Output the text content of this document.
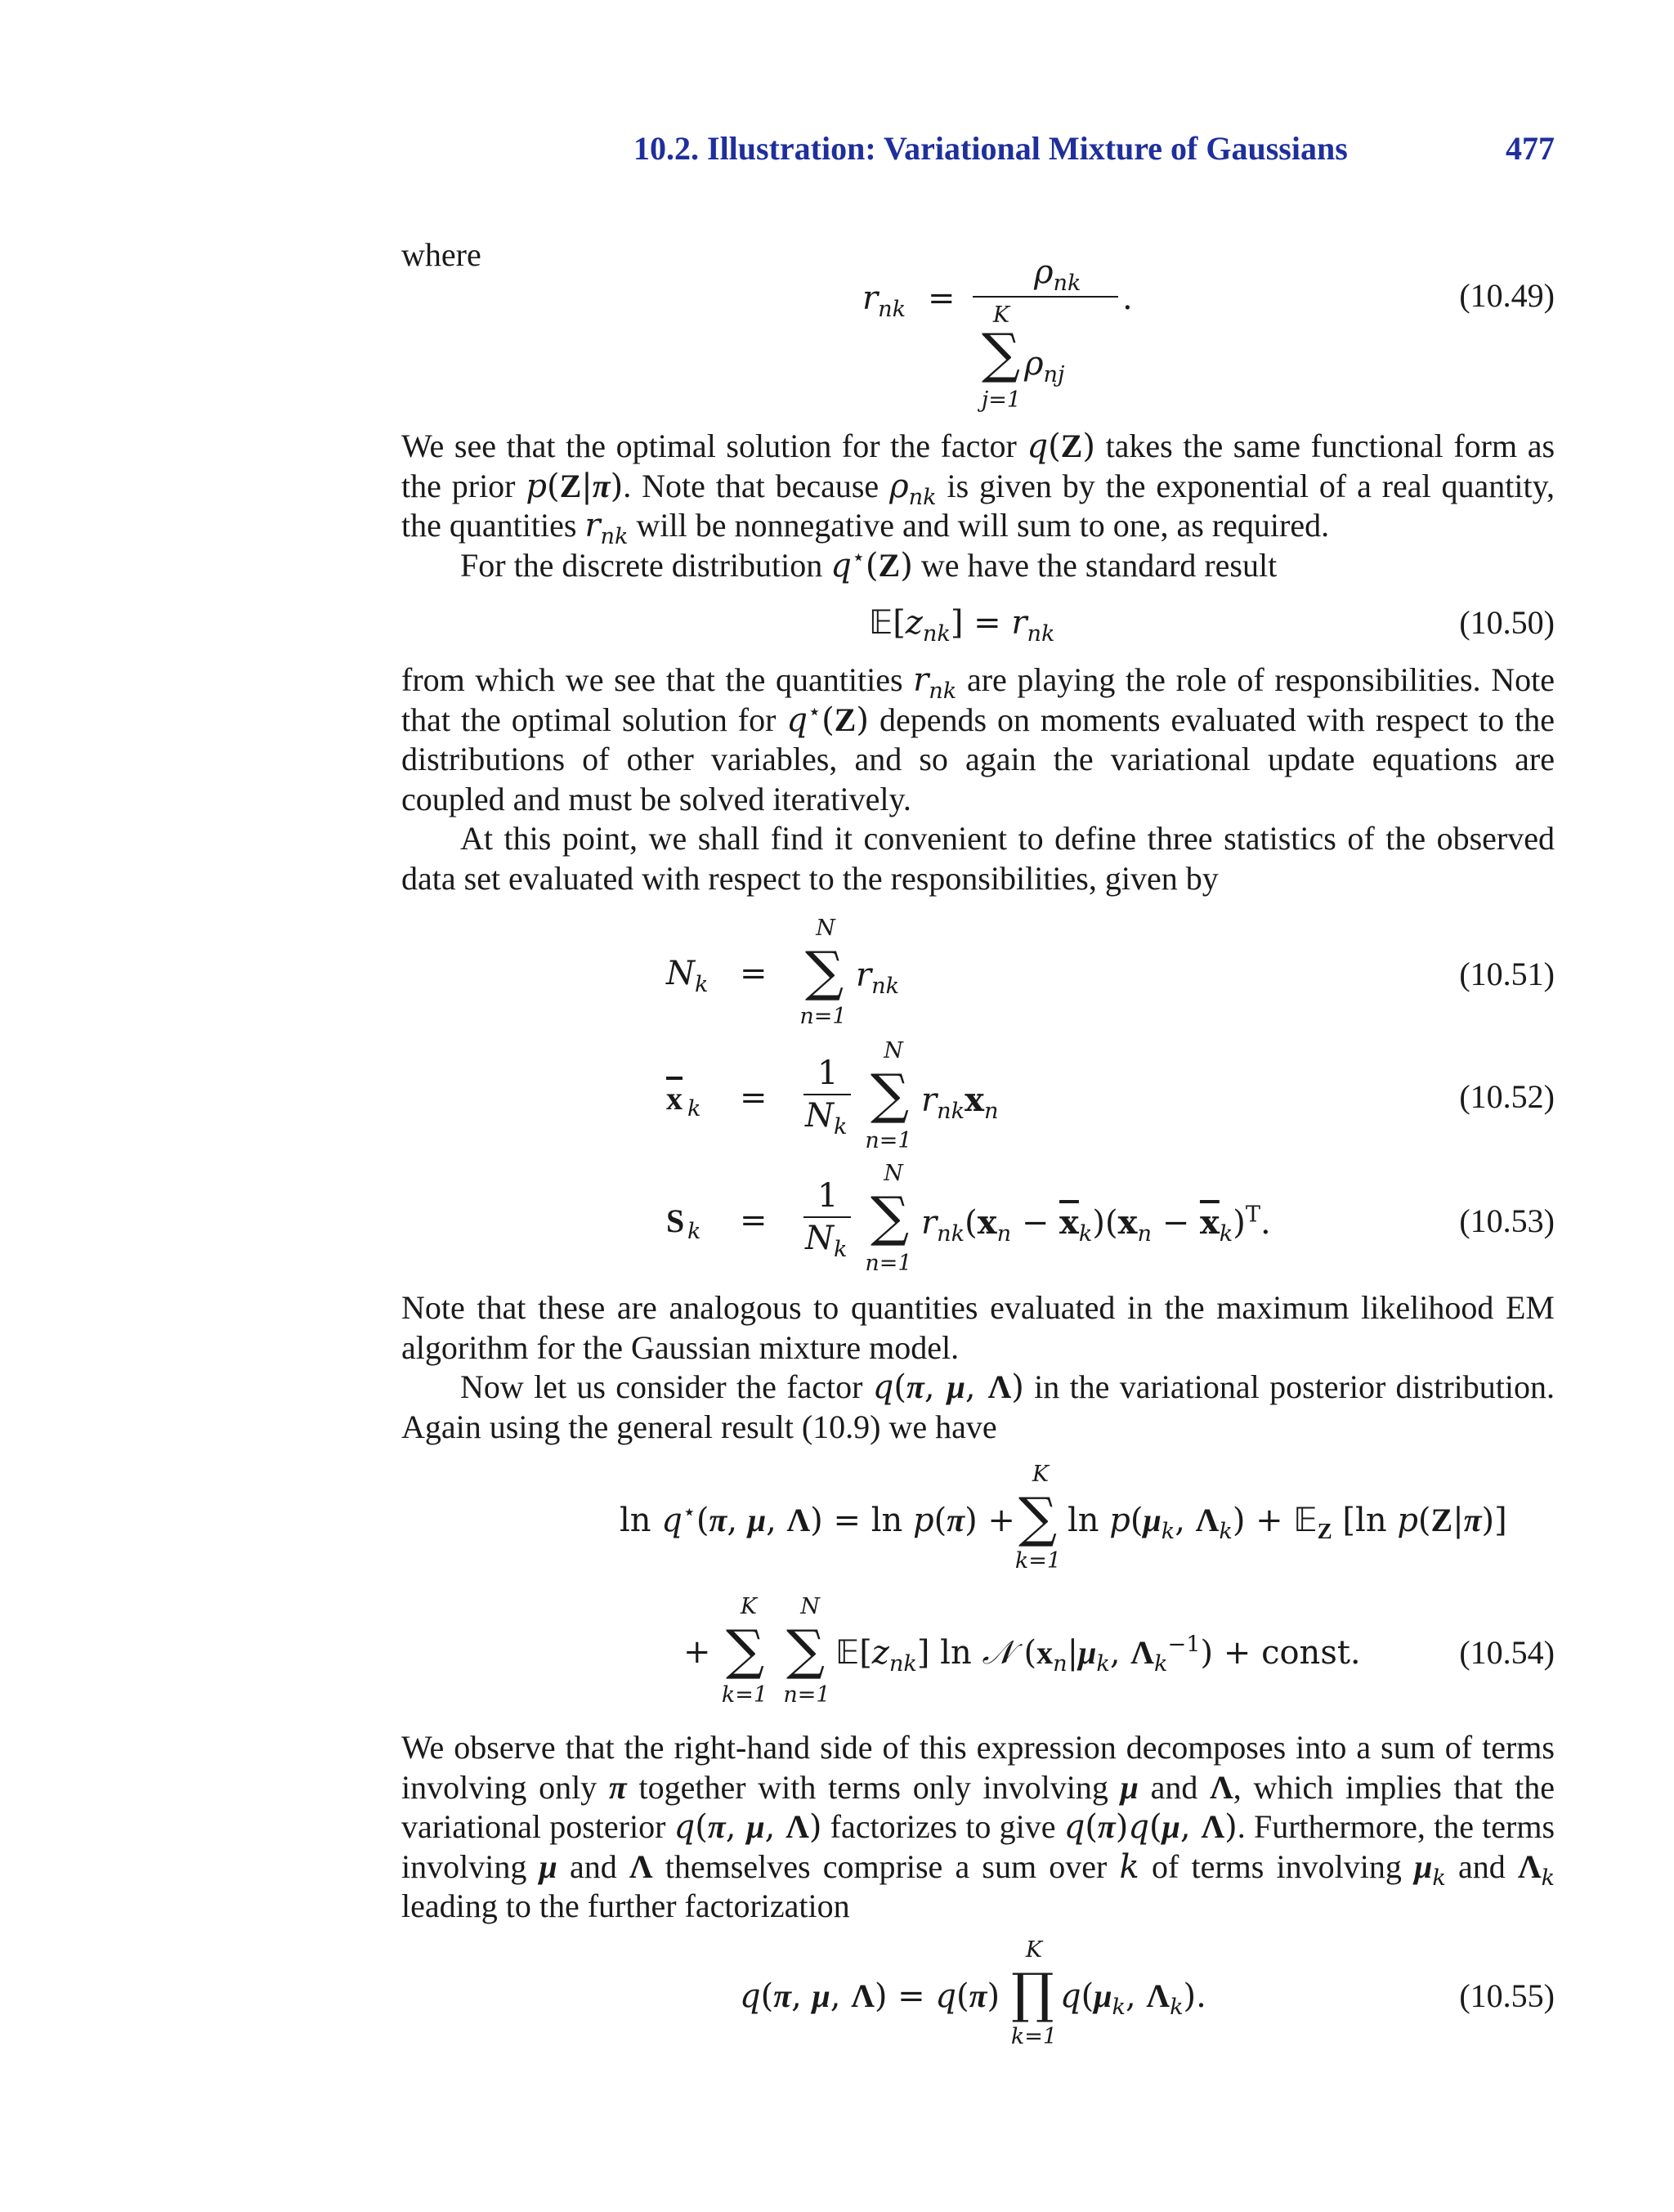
10.2. Illustration: Variational Mixture of Gaussians	477
where
$r_{nk}$ =
$\rho_{nk}$ .
K
∑ $\rho_{nj}$
j=1
(10.49)

We see that the optimal solution for the factor q(Z) takes the same functional form as the prior p(Z|π). Note that because $\rho_{nk}$ is given by the exponential of a real quantity, the quantities $r_{nk}$ will be nonnegative and will sum to one, as required.

For the discrete distribution q⋆(Z) we have the standard result

$𝔼[z_{nk}] = r_{nk}$	(10.50)

from which we see that the quantities $r_{nk}$ are playing the role of responsibilities. Note that the optimal solution for q⋆(Z) depends on moments evaluated with respect to the distributions of other variables, and so again the variational update equations are coupled and must be solved iteratively.

At this point, we shall find it convenient to define three statistics of the observed data set evaluated with respect to the responsibilities, given by

$N_k$ =
N
∑ $r_{nk}$
n=1
(10.51)
$\overline{x}$ $_k$ =
1
$N_k$
N
∑ $r_{nk}x_n$
n=1
(10.52)
S $_k$ =
1
$N_k$
N
∑ $r_{nk}(x_n - \overline{x}_k)(x_n - \overline{x}_k)^T$.
n=1
(10.53)

Note that these are analogous to quantities evaluated in the maximum likelihood EM algorithm for the Gaussian mixture model.

Now let us consider the factor q(π, μ, Λ) in the variational posterior distribution. Again using the general result (10.9) we have

ln q⋆(π, μ, Λ) = ln p(π) +
K
∑ $\ln p(\mu_k$, $\Lambda_k$) + 𝔼$_Z$ [ln p(Z|π)]
k=1
+
K
∑
N
∑ $𝔼[z_{nk}]$ ln 𝒩 ($x_n|\mu_k$, $\Lambda_k^{-1}$) + const.
k=1 n=1
(10.54)

We observe that the right-hand side of this expression decomposes into a sum of terms involving only π together with terms only involving μ and Λ, which implies that the variational posterior q(π, μ, Λ) factorizes to give q(π)q(μ, Λ). Furthermore, the terms involving μ and Λ themselves comprise a sum over k of terms involving $\mu_k$ and $\Lambda_k$ leading to the further factorization

q(π, μ, Λ) = q(π)
K
∏ $q(\mu_k$, $\Lambda_k$).
k=1
(10.55)
